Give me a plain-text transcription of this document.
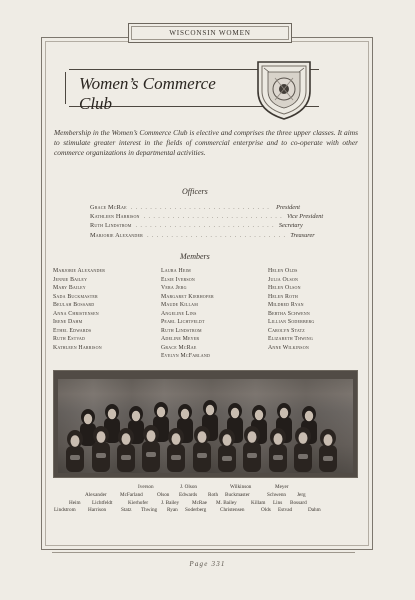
WISCONSIN WOMEN
Women’s Commerce Club
Membership in the Women’s Commerce Club is elective and comprises the three upper classes. It aims to stimulate greater interest in the fields of commercial enterprise and to co-operate with other commerce organizations in departmental activities.
Officers
Grace McRae ............................. President
Kathleen Harrison ............................. Vice President
Ruth Lindstrom ............................. Secretary
Marjorie Alexander ............................. Treasurer
Members
Marjorie Alexander
Jennie Bailey
Mary Bailey
Sada Buckmaster
Beulah Bossard
Anna Christensen
Irene Dahm
Ethel Edwards
Ruth Estvad
Kathleen Harrison
Laura Heim
Elsie Iverson
Vera Jerg
Margaret Kierhofer
Maude Killam
Angeline Lins
Pearl Lichtfeldt
Ruth Lindstrom
Adeline Meyer
Grace McRae
Evelyn McFarland
Helen Olds
Julia Olson
Helen Olson
Helen Roth
Mildred Ryan
Bertha Schwenn
Lillian Soderberg
Carolyn Statz
Elizabeth Thwing
Anne Wilkinson
Iverson	J. Olson	Wilkinson	Meyer
Alexander	McFarland	Olson Edwards Roth Buckmaster	Schwenn Jerg
Heim Lichtfeldt	Kierhofer J. Bailey McRae M. Bailey	Killam Lins Bossard
Lindstrom Harrison	Statz Thwing Ryan Soderberg	Christensen	Olds Estvad	Dahm
Page 331
